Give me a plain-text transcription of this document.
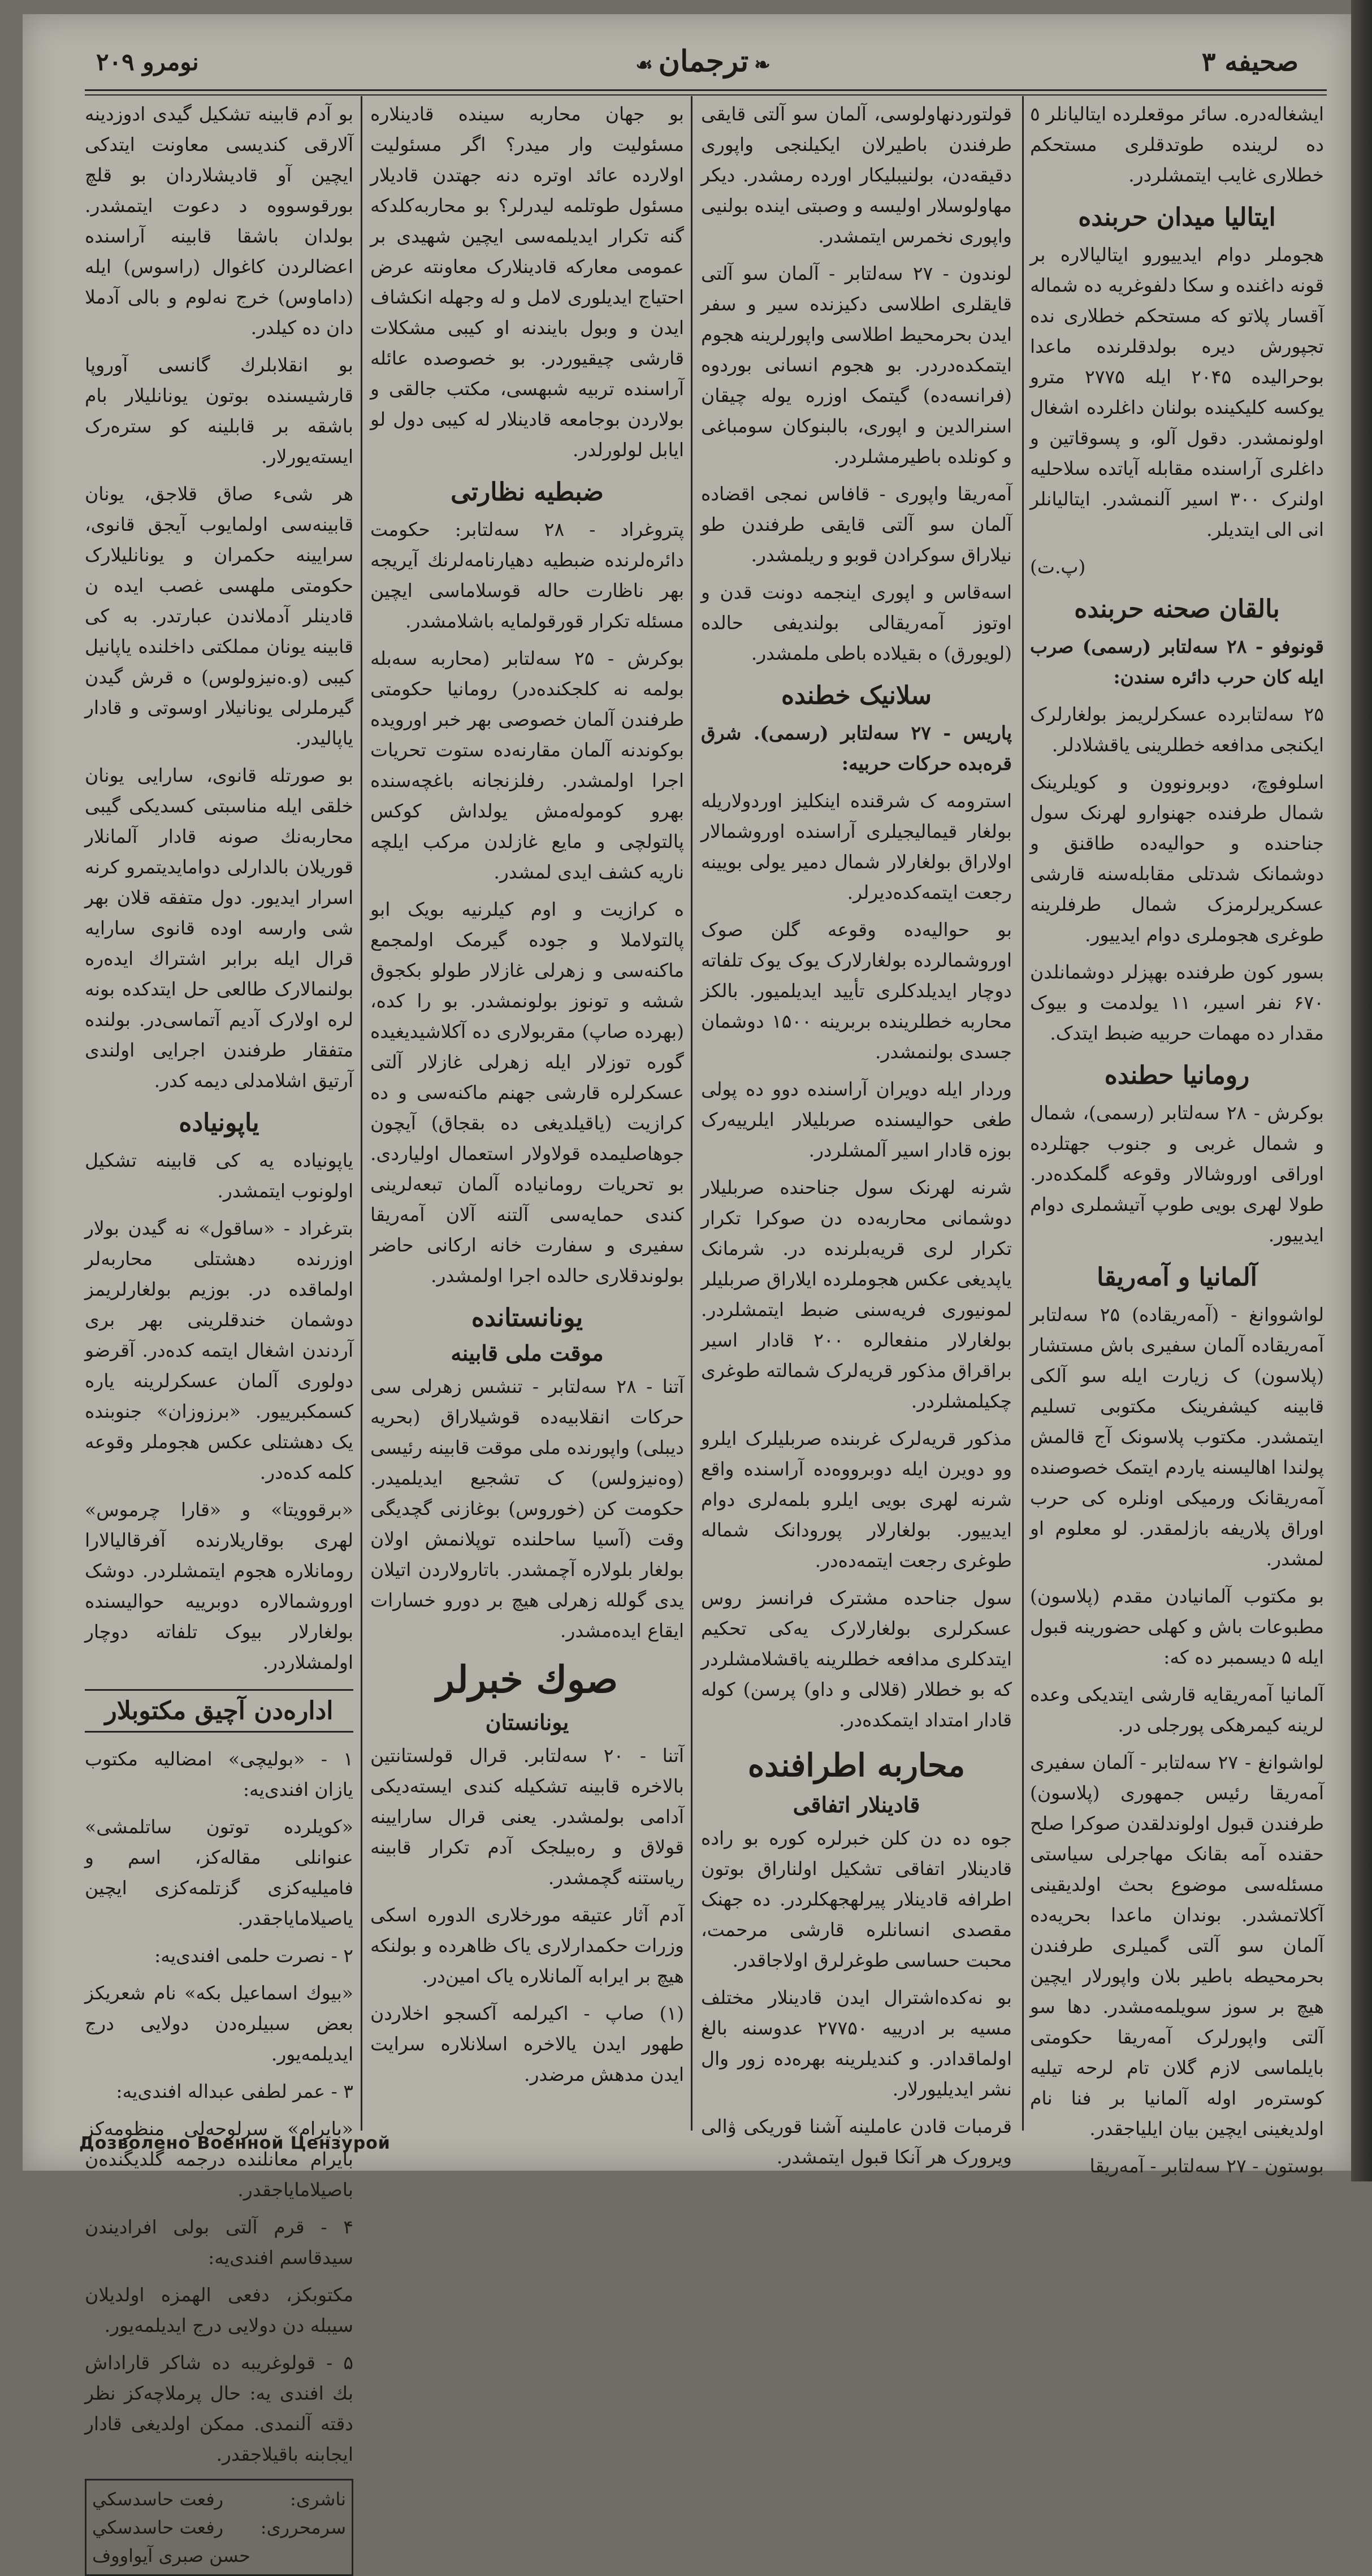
صحیفه ۳
❧ترجمان☙
نومرو ۲۰۹

ایشغاله‌دره. سائر موقعلرده ایتالیانلر ٥ ده لرینده طوتدقلری مستحکم خطلاری غایب ایتمشلردر.

ایتالیا میدان حربنده

هجوملر دوام ایدییورو ایتالیالاره بر قونه داغنده و سکا دلفوغریه ده شماله آقسار پلاتو که مستحکم خطلاری نده تجپورش دیره بولدقلرنده ماعدا بوحرالیده ۲۰۴۵ ایله ۲۷۷۵ مترو یوکسه کلیکینده بولنان داغلرده اشغال اولونمشدر. دقول آلو، و پسوقاتین و داغلری آراسنده مقابله آیاتده سلاحلیه اولنرک ۳۰۰ اسیر آلنمشدر. ایتالیانلر انی الی ایتدیلر.

(پ.ت)

بالقان صحنه حربنده

قونوفو - ۲۸ سه‌لتابر (رسمی) صرب ایله کان حرب دائره سندن:

۲۵ سه‌لتابرده عسکرلریمز بولغارلرک ایکنجی مدافعه خطلرینی یاقشلادلر.

اسلوفوچ، دوبرونوون و کویلرینک شمال طرفنده جهنوارو لهرنک سول جناحنده و حوالیه‌ده طاقنق و دوشمانک شدتلی مقابله‌سنه قارشی عسکریرلرمزک شمال طرفلرینه طوغری هجوملری دوام ایدییور.

بسور کون طرفنده بهپزلر دوشمانلدن ۶۷۰ نفر اسیر، ۱۱ یولدمت و بیوک مقدار ده مهمات حربیه ضبط ایتدک.

رومانیا حطنده

بوکرش - ۲۸ سه‌لتابر (رسمی)، شمال و شمال غربی و جنوب جهتلرده اوراقی اوروشالار وقوعه گلمکده‌در. طولا لهری بویی طوپ آتیشملری دوام ایدییور.

آلمانیا و آمه‌ریقا

لواشووانغ - (آمه‌ریقاده) ۲۵ سه‌لتابر آمه‌ریقاده آلمان سفیری باش مستشار (پلاسون) ک زیارت ایله سو آلکی قابینه کیشفرینک مکتوبی تسلیم ایتمشدر. مکتوب پلاسونک آج قالمش پولندا اهالیسنه یاردم ایتمک خصوصنده آمه‌ریقانک ورمیکی اونلره کی حرب اوراق پلاریفه بازلمقدر. لو معلوم او لمشدر.

بو مکتوب آلمانیادن مقدم (پلاسون) مطبوعات باش و کهلی حضورینه قبول ایله ۵ دیسمبر ده که:

آلمانیا آمه‌ریقایه قارشی ایتدیکی وعده لرینه کیمرهکی پورجلی در.

لواشوانغ - ۲۷ سه‌لتابر - آلمان سفیری آمه‌ریقا رئیس جمهوری (پلاسون) طرفندن قبول اولوندلقدن صوکرا صلح حقنده آمه بقانک مهاجرلی سیاستی مسئله‌سی موضوع بحث اولدیقینی آکلاتمشدر. بوندان ماعدا بحریه‌ده آلمان سو آلتی گمیلری طرفندن بحرمحیطه باطیر بلان واپورلار ایچین هیچ بر سوز سویلمه‌مشدر. دها سو آلتی واپورلرک آمه‌ریقا حکومتی بایلماسی لازم گلان تام لرحه تیلیه کوستره‌ر اوله آلمانیا بر فنا نام اولدیغینی ایچین بیان ایلیاجقدر.

بوستون - ۲۷ سه‌لتابر - آمه‌ریقا

قولتوردنهاولوسی، آلمان سو آلتی قایقی طرفندن باطیرلان ایکیلنجی واپوری دقیقه‌دن، بولنیبلیکار اورده رمشدر. دیکر مهاولوسلار اولیسه و وصبتی اینده بولنیی واپوری نخمرس ایتمشدر.

لوندون - ۲۷ سه‌لتابر - آلمان سو آلتی قایقلری اطلاسی دکیزنده سیر و سفر ایدن بحرمحیط اطلاسی واپورلرینه هجوم ایتمکده‌دردر. بو هجوم انسانی بوردوه (فرانسه‌ده) گیتمک اوزره یوله چیقان اسنرالدین و اپوری، بالبنوکان سومباغی و کونلده باطیرمشلردر.

آمه‌ریقا واپوری - قافاس نمجی اقضاده آلمان سو آلتی قایقی طرفندن طو نیلاراق سوکرادن قوبو و ریلمشدر.

اسه‌قاس و اپوری اینجمه دونت قدن و اوتوز آمه‌ریقالی بولندیفی حالده (لویورق) ه بقیلاده باطی ملمشدر.

سلانیک خطنده

پاریس - ۲۷ سه‌لتابر (رسمی). شرق قره‌بده حرکات حربیه:

استرومه ک شرقنده اینکلیز اوردولاریله بولغار قیمالیجیلری آراسنده اوروشمالار اولاراق بولغارلار شمال دمیر یولی بویینه رجعت ایتمه‌کده‌دیرلر.

بو حوالیه‌ده وقوعه گلن صوک اوروشمالرده بولغارلارک یوک یوک تلفاته دوچار ایدیلدکلری تأیید ایدیلمیور. بالکز محاربه خطلرینده بربرینه ۱۵۰۰ دوشمان جسدی بولنمشدر.

وردار ایله دویران آراسنده دوو ده پولی طغی حوالیسنده صربلیلار ایلرییه‌رک بوزه قادار اسیر آلمشلردر.

شرنه لهرنک سول جناحنده صربلیلار دوشمانی محاربه‌ده دن صوکرا تکرار تکرار لری قریه‌بلرنده در. شرمانک یاپدیغی عکس هجوملرده ایلاراق صربلیلر لمونیوری فریه‌سنی ضبط ایتمشلردر. بولغارلار منفعالره ۲۰۰ قادار اسیر براقراق مذکور قریه‌لرک شمالته طوغری چکیلمشلردر.

مذکور قریه‌لرک غربنده صربلیلرک ایلرو وو دویرن ایله دوبرووه‌ده آراسنده واقع شرنه لهری بویی ایلرو بلمه‌لری دوام ایدییور. بولغارلار پورودانک شماله طوغری رجعت ایتمه‌ده‌در.

سول جناحده مشترک فرانسز روس عسکرلری بولغارلارک یه‌کی تحکیم ایتدکلری مدافعه خطلرینه یاقشلامشلردر که بو خطلار (قلالی و داو) پرسن) کوله قادار امتداد ایتمکده‌در.

محاربه اطرافنده
قادینلار اتفاقی

جوه ده دن کلن خبرلره کوره بو راده قادینلار اتفاقی تشکیل اولناراق بوتون اطرافه قادینلار پیرلهجهکلردر. ده جهنک مقصدی انسانلره قارشی مرحمت، محبت حساسی طوغرلرق اولاجاقدر.

بو نه‌کده‌اشترال ایدن قادینلار مختلف مسیه بر ادرییه ۲۷۷۵۰ عدوسنه بالغ اولماقدادر. و کندیلرینه بهره‌ده زور وال نشر ایدیلیورلار.

قرمبات قادن عاملینه آشنا قوریکی ۋالی ویرورک هر آنکا قبول ایتمشدر.

بو جهان محاربه سینده قادینلاره مسئولیت وار میدر؟ اگر مسئولیت اولارده عائد اوتره دنه جهتدن قادیلار مسئول طوتلمه لیدرلر؟ بو محاربه‌کلدکه گنه تکرار ایدیلمه‌سی ایچین شهیدی بر عمومی معارکه قادینلارک معاونته عرض احتیاج ایدیلوری لامل و له وجهله انکشاف ایدن و وبول بایندنه او کیبی مشکلات قارشی چیقیوردر. بو خصوصده عائله آراسنده تربیه شبهسی، مکتب جالقی و بولاردن بوجامعه قادینلار له کیبی دول لو ایابل لولورلدر.

ضبطیه نظارتی

پتروغراد - ۲۸ سه‌لتابر: حکومت دائره‌لرنده ضبطیه دهیارنامه‌لرنك آیریجه بهر ناظارت حاله قوسلاماسی ایچین مسئله تکرار قورقولمایه باشلامشدر.

بوکرش - ۲۵ سه‌لتابر (محاربه سه‌بله بولمه نه کلجکنده‌در) رومانیا حکومتی طرفندن آلمان خصوصی بهر خبر اورویده بوکوندنه آلمان مقارنه‌ده ستوت تحریات اجرا اولمشدر. رفلزنجانه باغچه‌سنده بهرو کوموله‌مش یولداش کوکس پالتولچی و مایع غازلدن مرکب ایلچه ناریه کشف ایدی لمشدر.

ه کرازیت و اوم کیلرنیه بویک ابو پالتولاملا و جوده گیرمک اولمجمع ماکنه‌سی و زهرلی غازلار طولو بکجوق ششه و تونوز بولونمشدر. بو را کده، (بهرده صاپ) مقربولاری ده آکلاشیدیغیده گوره توزلار ایله زهرلی غازلار آلتی عسکرلره قارشی جهنم ماکنه‌سی و ده کرازیت (یاقیلدیغی ده بقجاق) آیچون جوهاصلیمده قولاولار استعمال اولیاردی. بو تحریات رومانیاده آلمان تبعه‌لرینی کندی حمایه‌سی آلتنه آلان آمه‌ریقا سفیری و سفارت خانه ارکانی حاضر بولوندقلاری حالده اجرا اولمشدر.

یونانستانده
موقت ملی قابینه

آتنا - ۲۸ سه‌لتابر - تنشس زهرلی سی حرکات انقلابیه‌ده قوشیلاراق (بحریه دیبلی) واپورنده ملی موقت قابینه رئیسی (وه‌نیزولس) ک تشجیع ایدیلمیدر. حکومت کن (خوروس) بوغازنی گچدیگی وقت (آسیا ساحلنده توپلانمش اولان بولغار بلولاره آچمشدر. باتارولاردن اتیلان یدی گولله زهرلی هیچ بر دورو خسارات ایقاع ایده‌مشدر.

صوك خبرلر
یونانستان

آتنا - ۲۰ سه‌لتابر. قرال قولستانتین بالاخره قابینه تشکیله کندی ایسته‌دیکی آدامی بولمشدر. یعنی قرال سارایینه قولاق و ره‌بیلجک آدم تکرار قابینه ریاستنه گچمشدر.

آدم آثار عتیقه مورخلاری الدوره اسکی وزرات حکمدارلاری یاک ظاهرده و بولنکه هیچ بر ایرابه آلمانلاره یاک امین‌در.

(۱) صاپ - اکیرلمه آکسجو اخلاردن طهور ایدن یالاخره اسلانلاره سرایت ایدن مدهش مرضدر.

بو آدم قابینه تشکیل گیدی ادوزدینه آلارقی کندیسی معاونت ایتدکی ایچین آو قادیشلاردان بو قلچ بورقوسووه د دعوت ایتمشدر. بولدان باشقا قابینه آراسنده اعضالردن کاغوال (راسوس) ایله (داماوس) خرج نه‌لوم و بالی آدملا دان ده کیلدر.

بو انقلابلرك گانسی آوروپا قارشیسنده بوتون یونانلیلار بام باشقه بر قابلینه کو ستره‌رک ایسته‌یورلار.

هر شیء صاق قلاجق، یونان قابینه‌سی اولمایوب آیجق قانوی، سرایینه حکمران و یونانلیلارک حکومتی ملهسی غصب ایده ن قادینلر آدملاندن عبارتدر. به کی قابینه یونان مملکتی داخلنده یاپانیل کیبی (و.ه‌نیزولوس) ه قرش گیدن گیرملرلی یونانیلار اوسوتی و قادار یاپالیدر.

بو صورتله قانوی، سارایی یونان خلقی ایله مناسبتی کسدیکی گیبی محاربه‌نك صونه قادار آلمانلار قوریلان بالدارلی دوامایدیتمرو کرنه اسرار ایدیور. دول متفقه قلان بهر شی وارسه اوده قانوی سارایه قرال ایله برابر اشتراك ایده‌ره بولنمالارک طالعی حل ایتدکده بونه لره اولارک آدیم آتماسی‌در. بولنده متفقار طرفندن اجرایی اولندی آرتیق اشلامدلی دیمه کدر.

یاپونیاده

یاپونیاده یه کی قابینه تشکیل اولونوب ایتمشدر.

بترغراد - «ساقول» نه گیدن بولار اوزرنده دهشتلی محاربه‌لر اولماقده در. بوزیم بولغارلریمز دوشمان خندقلرینی بهر بری آردندن اشغال ایتمه کده‌در. آقرضو دولوری آلمان عسکرلرینه یاره کسمکبرییور. «برزوزان» جنوبنده یک دهشتلی عکس هجوملر وقوعه کلمه کده‌در.

«برقوویتا» و «قارا چرموس» لهری بوقاریلارنده آفرقالیالارا رومانلاره هجوم ایتمشلردر. دوشک اوروشمالاره دوبرییه حوالیسنده بولغارلار بیوک تلفاته دوچار اولمشلاردر.

اداره‌دن آچیق مکتوبلار

۱ - «بولیچی» امضالیه مکتوب یازان افندی‌یه:

«کویلرده توتون ساتلمشی» عنوانلی مقاله‌کز، اسم و فامیلیه‌کزی گزتلمه‌کزی ایچین یاصیلامایاجقدر.

۲ - نصرت حلمی افندی‌یه:

«بیوك اسماعیل بکه» نام شعریکز بعض سبیلره‌دن دولایی درج ایدیلمه‌یور.

۳ - عمر لطفی عبداله افندی‌یه:

«بایرام» سرلوحه‌لی منظومه‌کز بایرام معانلنده درجمه گلدیگنده‌ن باصیلامایاجقدر.

۴ - قرم آلتی بولی افرادیندن سیدقاسم افندی‌یه:

مکتوبکز، دفعی الهمزه اولدیلان سیبله دن دولایی درج ایدیلمه‌یور.

۵ - قولوغریبه ده شاکر قاراداش بك افندی یه: حال پرملاچه‌کز نظر دقته آلنمدی. ممکن اولدیغی قادار ایجابنه باقیلاجقدر.

ناشری:
رفعت حاسدسكي
سرمحرری:
رفعت حاسدسكي
حسن صبری آیواووف
Дозволено Военной Цензурой
